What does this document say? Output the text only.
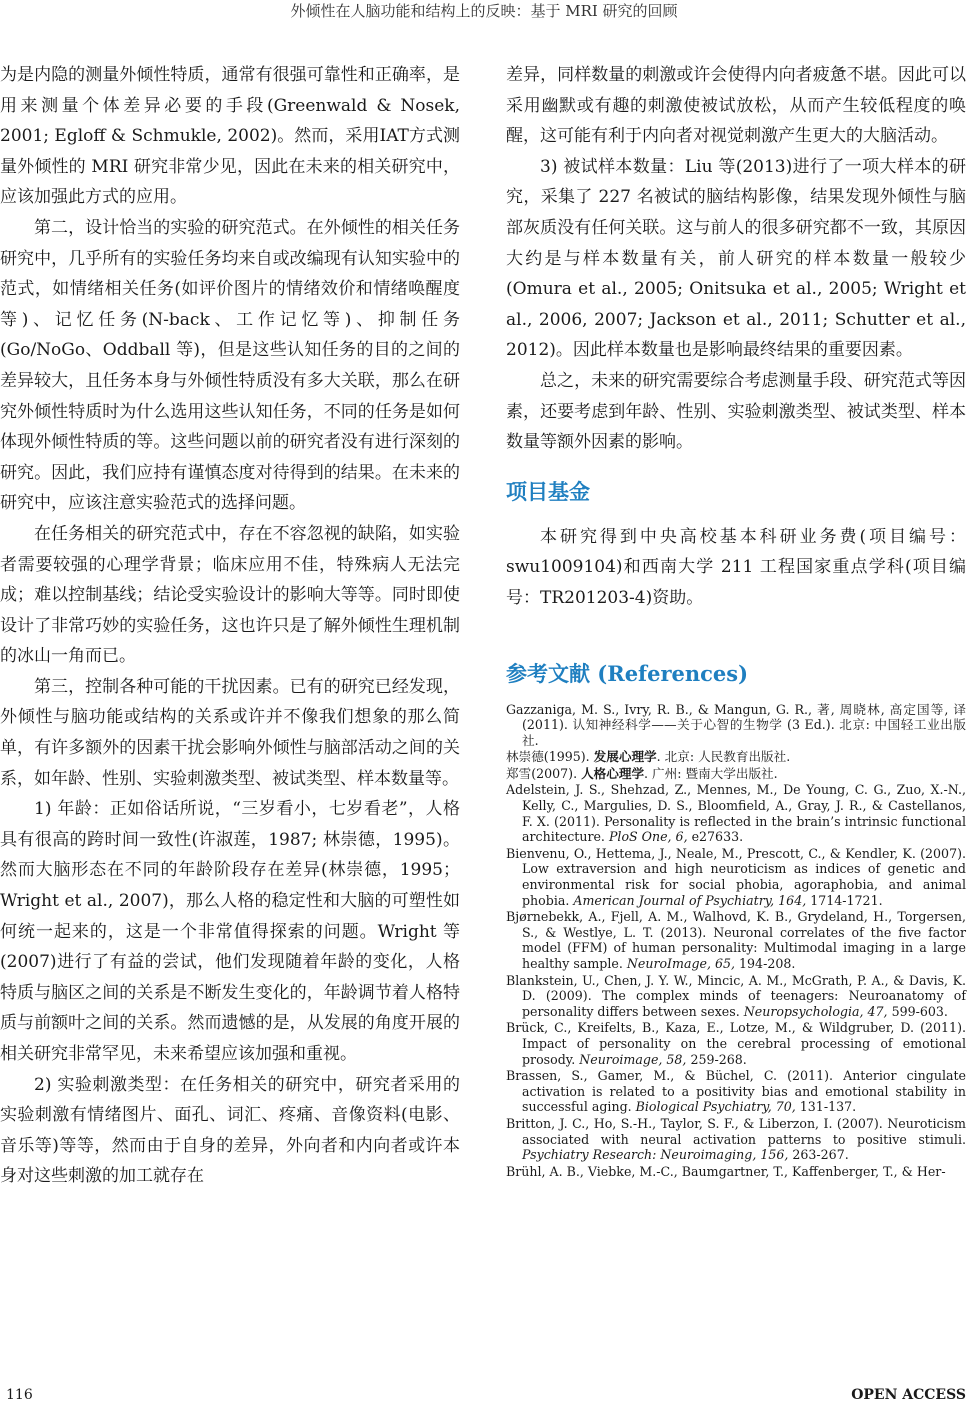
外倾性在人脑功能和结构上的反映：基于 MRI 研究的回顾

为是内隐的测量外倾性特质，通常有很强可靠性和正确率，是用来测量个体差异必要的手段(Greenwald & Nosek, 2001; Egloff & Schmukle, 2002)。然而，采用IAT方式测量外倾性的 MRI 研究非常少见，因此在未来的相关研究中，应该加强此方式的应用。

第二，设计恰当的实验的研究范式。在外倾性的相关任务研究中，几乎所有的实验任务均来自或改编现有认知实验中的范式，如情绪相关任务(如评价图片的情绪效价和情绪唤醒度等)、记忆任务(N-back、工作记忆等)、抑制任务(Go/NoGo、Oddball 等)，但是这些认知任务的目的之间的差异较大，且任务本身与外倾性特质没有多大关联，那么在研究外倾性特质时为什么选用这些认知任务，不同的任务是如何体现外倾性特质的等。这些问题以前的研究者没有进行深刻的研究。因此，我们应持有谨慎态度对待得到的结果。在未来的研究中，应该注意实验范式的选择问题。

在任务相关的研究范式中，存在不容忽视的缺陷，如实验者需要较强的心理学背景；临床应用不佳，特殊病人无法完成；难以控制基线；结论受实验设计的影响大等等。同时即使设计了非常巧妙的实验任务，这也许只是了解外倾性生理机制的冰山一角而已。

第三，控制各种可能的干扰因素。已有的研究已经发现，外倾性与脑功能或结构的关系或许并不像我们想象的那么简单，有许多额外的因素干扰会影响外倾性与脑部活动之间的关系，如年龄、性别、实验刺激类型、被试类型、样本数量等。

1) 年龄：正如俗话所说，“三岁看小，七岁看老”，人格具有很高的跨时间一致性(许淑莲，1987; 林崇德，1995)。然而大脑形态在不同的年龄阶段存在差异(林崇德，1995；Wright et al., 2007)，那么人格的稳定性和大脑的可塑性如何统一起来的，这是一个非常值得探索的问题。Wright 等(2007)进行了有益的尝试，他们发现随着年龄的变化，人格特质与脑区之间的关系是不断发生变化的，年龄调节着人格特质与前额叶之间的关系。然而遗憾的是，从发展的角度开展的相关研究非常罕见，未来希望应该加强和重视。

2) 实验刺激类型：在任务相关的研究中，研究者采用的实验刺激有情绪图片、面孔、词汇、疼痛、音像资料(电影、音乐等)等等，然而由于自身的差异，外向者和内向者或许本身对这些刺激的加工就存在

差异，同样数量的刺激或许会使得内向者疲惫不堪。因此可以采用幽默或有趣的刺激使被试放松，从而产生较低程度的唤醒，这可能有利于内向者对视觉刺激产生更大的大脑活动。

3) 被试样本数量：Liu 等(2013)进行了一项大样本的研究，采集了 227 名被试的脑结构影像，结果发现外倾性与脑部灰质没有任何关联。这与前人的很多研究都不一致，其原因大约是与样本数量有关，前人研究的样本数量一般较少(Omura et al., 2005; Onitsuka et al., 2005; Wright et al., 2006, 2007; Jackson et al., 2011; Schutter et al., 2012)。因此样本数量也是影响最终结果的重要因素。

总之，未来的研究需要综合考虑测量手段、研究范式等因素，还要考虑到年龄、性别、实验刺激类型、被试类型、样本数量等额外因素的影响。

项目基金

本研究得到中央高校基本科研业务费(项目编号：swu1009104)和西南大学 211 工程国家重点学科(项目编号：TR201203-4)资助。

参考文献 (References)
Gazzaniga, M. S., Ivry, R. B., & Mangun, G. R., 著, 周晓林, 高定国等, 译(2011). 认知神经科学——关于心智的生物学 (3 Ed.). 北京: 中国轻工业出版社.
林崇德(1995). 发展心理学. 北京: 人民教育出版社.
郑雪(2007). 人格心理学. 广州: 暨南大学出版社.
Adelstein, J. S., Shehzad, Z., Mennes, M., De Young, C. G., Zuo, X.-N., Kelly, C., Margulies, D. S., Bloomfield, A., Gray, J. R., & Castellanos, F. X. (2011). Personality is reflected in the brain’s intrinsic functional architecture. PloS One, 6, e27633.
Bienvenu, O., Hettema, J., Neale, M., Prescott, C., & Kendler, K. (2007). Low extraversion and high neuroticism as indices of genetic and environmental risk for social phobia, agoraphobia, and animal phobia. American Journal of Psychiatry, 164, 1714-1721.
Bjørnebekk, A., Fjell, A. M., Walhovd, K. B., Grydeland, H., Torgersen, S., & Westlye, L. T. (2013). Neuronal correlates of the five factor model (FFM) of human personality: Multimodal imaging in a large healthy sample. NeuroImage, 65, 194-208.
Blankstein, U., Chen, J. Y. W., Mincic, A. M., McGrath, P. A., & Davis, K. D. (2009). The complex minds of teenagers: Neuroanatomy of personality differs between sexes. Neuropsychologia, 47, 599-603.
Brück, C., Kreifelts, B., Kaza, E., Lotze, M., & Wildgruber, D. (2011). Impact of personality on the cerebral processing of emotional prosody. Neuroimage, 58, 259-268.
Brassen, S., Gamer, M., & Büchel, C. (2011). Anterior cingulate activation is related to a positivity bias and emotional stability in successful aging. Biological Psychiatry, 70, 131-137.
Britton, J. C., Ho, S.-H., Taylor, S. F., & Liberzon, I. (2007). Neuroticism associated with neural activation patterns to positive stimuli. Psychiatry Research: Neuroimaging, 156, 263-267.
Brühl, A. B., Viebke, M.-C., Baumgartner, T., Kaffenberger, T., & Her-
116	OPEN ACCESS
